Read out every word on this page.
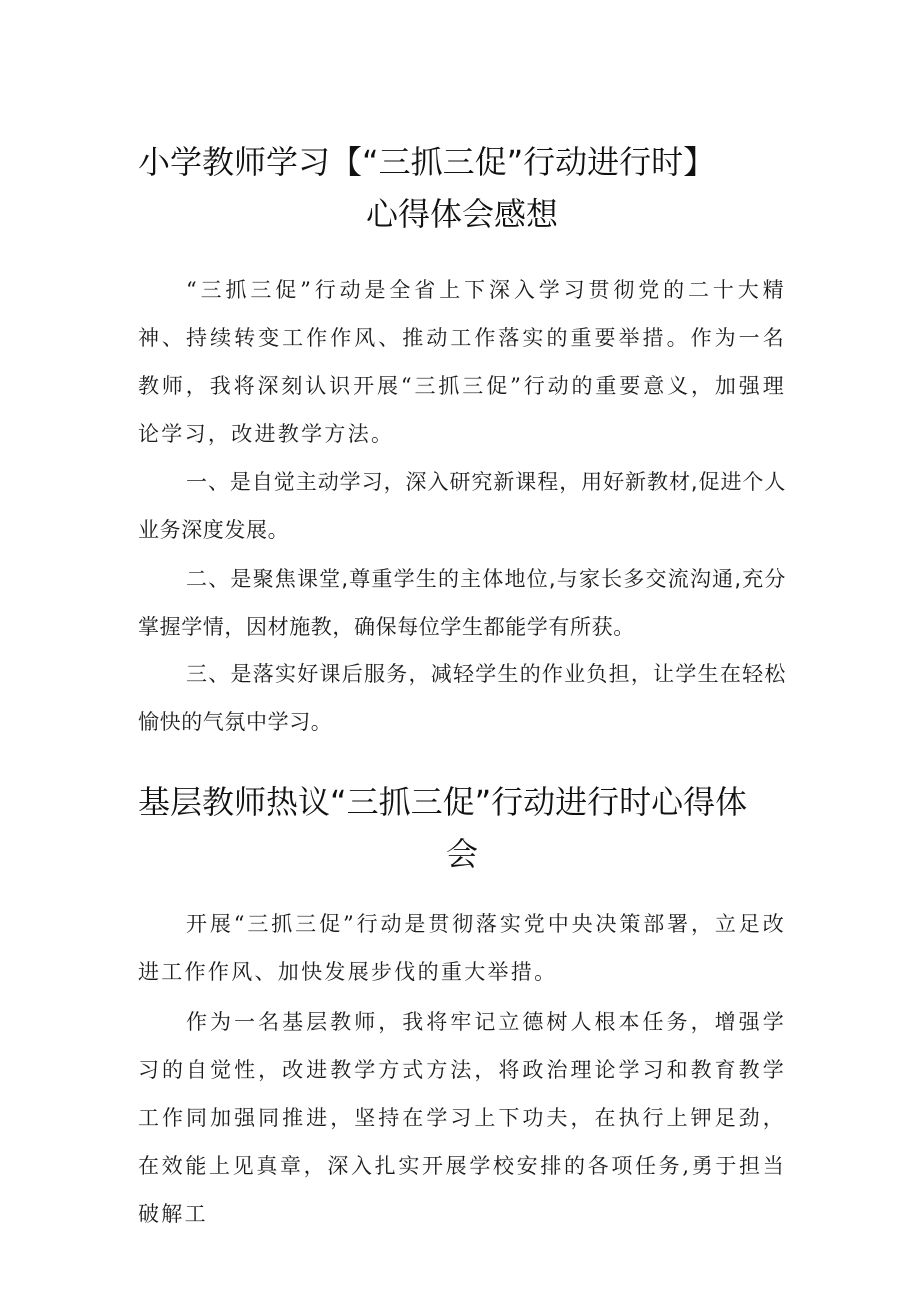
小学教师学习【“三抓三促”行动进行时】
心得体会感想

“三抓三促”行动是全省上下深入学习贯彻党的二十大精神、持续转变工作作风、推动工作落实的重要举措。作为一名教师，我将深刻认识开展“三抓三促”行动的重要意义，加强理论学习，改进教学方法。

一、是自觉主动学习，深入研究新课程，用好新教材,促进个人业务深度发展。

二、是聚焦课堂,尊重学生的主体地位,与家长多交流沟通,充分掌握学情，因材施教，确保每位学生都能学有所获。

三、是落实好课后服务，减轻学生的作业负担，让学生在轻松愉快的气氛中学习。

基层教师热议“三抓三促”行动进行时心得体
会

开展“三抓三促”行动是贯彻落实党中央决策部署，立足改进工作作风、加快发展步伐的重大举措。

作为一名基层教师，我将牢记立德树人根本任务，增强学习的自觉性，改进教学方式方法，将政治理论学习和教育教学工作同加强同推进，坚持在学习上下功夫，在执行上钾足劲，在效能上见真章，深入扎实开展学校安排的各项任务,勇于担当破解工
